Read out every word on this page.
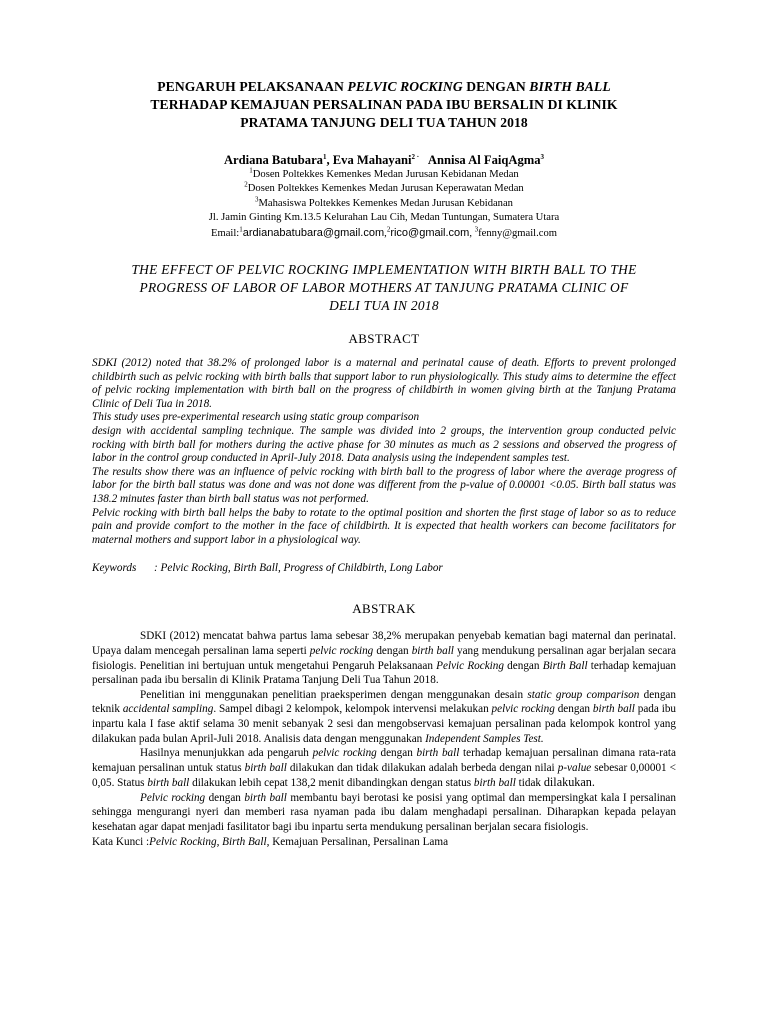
PENGARUH PELAKSANAAN PELVIC ROCKING DENGAN BIRTH BALL
TERHADAP KEMAJUAN PERSALINAN PADA IBU BERSALIN DI KLINIK
PRATAMA TANJUNG DELI TUA TAHUN 2018
Ardiana Batubara$^1$, Eva Mahayani$^{2 \cdot}$ Annisa Al FaiqAgma$^3$
$^1$Dosen Poltekkes Kemenkes Medan Jurusan Kebidanan Medan
$^2$Dosen Poltekkes Kemenkes Medan Jurusan Keperawatan Medan
$^3$Mahasiswa Poltekkes Kemenkes Medan Jurusan Kebidanan
Jl. Jamin Ginting Km.13.5 Kelurahan Lau Cih, Medan Tuntungan, Sumatera Utara
Email:$^1$ardianabatubara@gmail.com,$^2$rico@gmail.com, $^3$fenny@gmail.com
THE EFFECT OF PELVIC ROCKING IMPLEMENTATION WITH BIRTH BALL TO THE
PROGRESS OF LABOR OF LABOR MOTHERS AT TANJUNG PRATAMA CLINIC OF
DELI TUA IN 2018
ABSTRACT

SDKI (2012) noted that 38.2% of prolonged labor is a maternal and perinatal cause of death. Efforts to prevent prolonged childbirth such as pelvic rocking with birth balls that support labor to run physiologically. This study aims to determine the effect of pelvic rocking implementation with birth ball on the progress of childbirth in women giving birth at the Tanjung Pratama Clinic of Deli Tua in 2018.

This study uses pre-experimental research using static group comparison

design with accidental sampling technique. The sample was divided into 2 groups, the intervention group conducted pelvic rocking with birth ball for mothers during the active phase for 30 minutes as much as 2 sessions and observed the progress of labor in the control group conducted in April-July 2018. Data analysis using the independent samples test.

The results show there was an influence of pelvic rocking with birth ball to the progress of labor where the average progress of labor for the birth ball status was done and was not done was different from the p-value of 0.00001 <0.05. Birth ball status was 138.2 minutes faster than birth ball status was not performed.

Pelvic rocking with birth ball helps the baby to rotate to the optimal position and shorten the first stage of labor so as to reduce pain and provide comfort to the mother in the face of childbirth. It is expected that health workers can become facilitators for maternal mothers and support labor in a physiological way.

Keywords : Pelvic Rocking, Birth Ball, Progress of Childbirth, Long Labor
ABSTRAK

SDKI (2012) mencatat bahwa partus lama sebesar 38,2% merupakan penyebab kematian bagi maternal dan perinatal. Upaya dalam mencegah persalinan lama seperti pelvic rocking dengan birth ball yang mendukung persalinan agar berjalan secara fisiologis. Penelitian ini bertujuan untuk mengetahui Pengaruh Pelaksanaan Pelvic Rocking dengan Birth Ball terhadap kemajuan persalinan pada ibu bersalin di Klinik Pratama Tanjung Deli Tua Tahun 2018.

Penelitian ini menggunakan penelitian praeksperimen dengan menggunakan desain static group comparison dengan teknik accidental sampling. Sampel dibagi 2 kelompok, kelompok intervensi melakukan pelvic rocking dengan birth ball pada ibu inpartu kala I fase aktif selama 30 menit sebanyak 2 sesi dan mengobservasi kemajuan persalinan pada kelompok kontrol yang dilakukan pada bulan April-Juli 2018. Analisis data dengan menggunakan Independent Samples Test.

Hasilnya menunjukkan ada pengaruh pelvic rocking dengan birth ball terhadap kemajuan persalinan dimana rata-rata kemajuan persalinan untuk status birth ball dilakukan dan tidak dilakukan adalah berbeda dengan nilai p-value sebesar 0,00001 < 0,05. Status birth ball dilakukan lebih cepat 138,2 menit dibandingkan dengan status birth ball tidak dilakukan.

Pelvic rocking dengan birth ball membantu bayi berotasi ke posisi yang optimal dan mempersingkat kala I persalinan sehingga mengurangi nyeri dan memberi rasa nyaman pada ibu dalam menghadapi persalinan. Diharapkan kepada pelayan kesehatan agar dapat menjadi fasilitator bagi ibu inpartu serta mendukung persalinan berjalan secara fisiologis.

Kata Kunci :Pelvic Rocking, Birth Ball, Kemajuan Persalinan, Persalinan Lama
